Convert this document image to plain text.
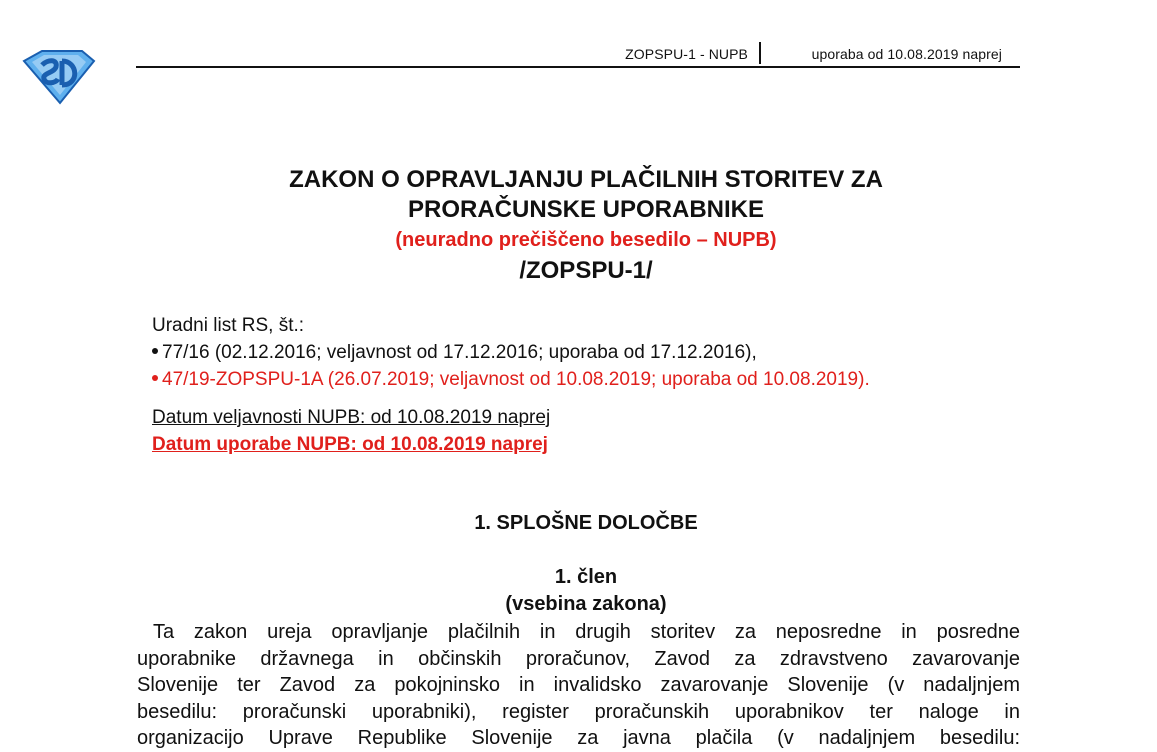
ZOPSPU-1 - NUPB	uporaba od 10.08.2019 naprej
ZAKON O OPRAVLJANJU PLAČILNIH STORITEV ZA
PRORAČUNSKE UPORABNIKE
(neuradno prečiščeno besedilo – NUPB)
/ZOPSPU-1/
Uradni list RS, št.:
77/16 (02.12.2016; veljavnost od 17.12.2016; uporaba od 17.12.2016),
47/19-ZOPSPU-1A (26.07.2019; veljavnost od 10.08.2019; uporaba od 10.08.2019).
Datum veljavnosti NUPB: od 10.08.2019 naprej
Datum uporabe NUPB: od 10.08.2019 naprej
1. SPLOŠNE DOLOČBE
1. člen
(vsebina zakona)
Ta zakon ureja opravljanje plačilnih in drugih storitev za neposredne in posredne
uporabnike državnega in občinskih proračunov, Zavod za zdravstveno zavarovanje
Slovenije ter Zavod za pokojninsko in invalidsko zavarovanje Slovenije (v nadaljnjem
besedilu: proračunski uporabniki), register proračunskih uporabnikov ter naloge in
organizacijo Uprave Republike Slovenije za javna plačila (v nadaljnjem besedilu:
